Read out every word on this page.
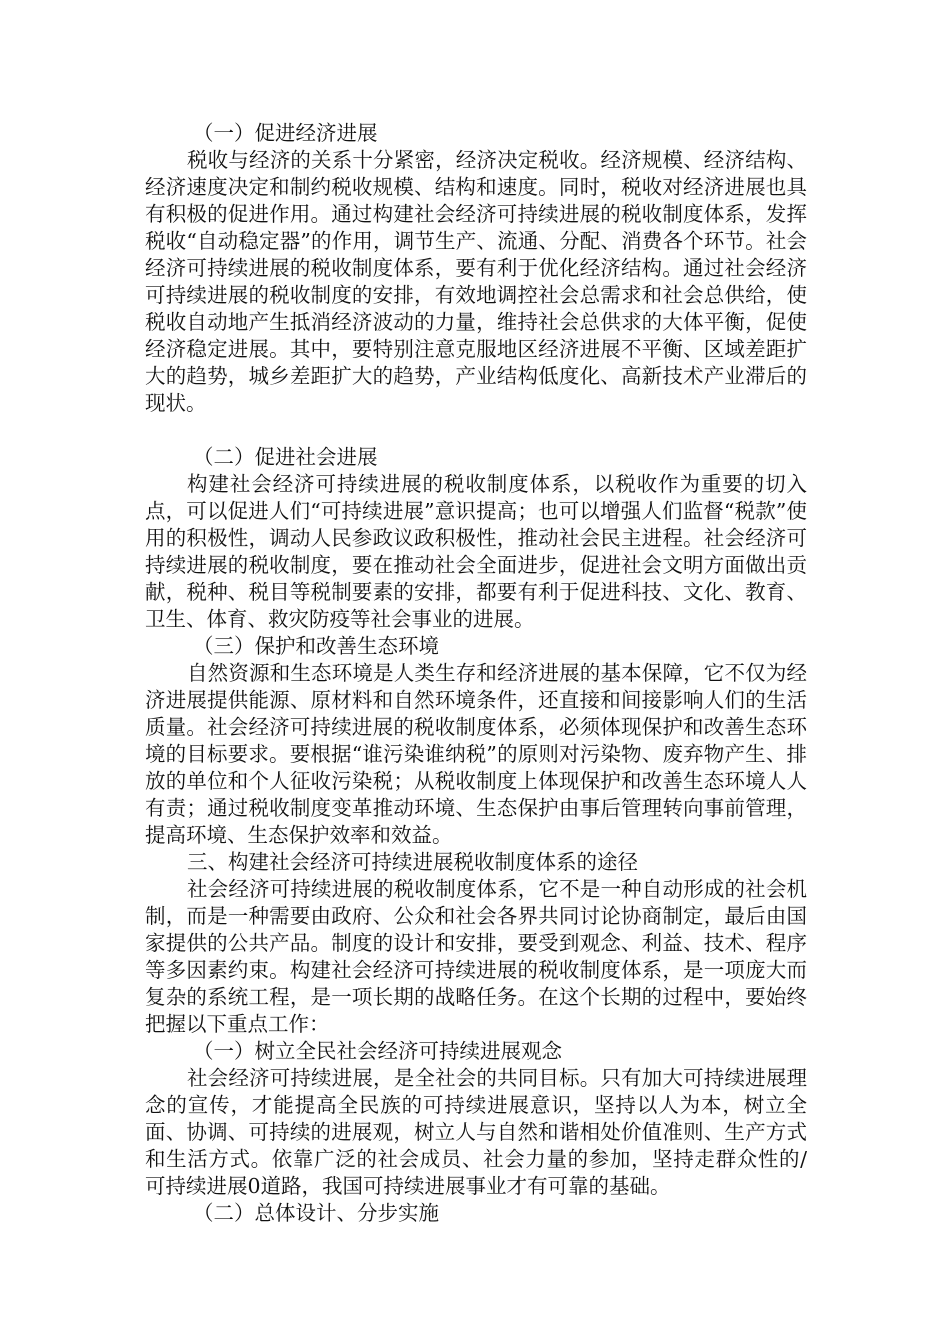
（一）促进经济进展

税收与经济的关系十分紧密，经济决定税收。经济规模、经济结构、经济速度决定和制约税收规模、结构和速度。同时，税收对经济进展也具有积极的促进作用。通过构建社会经济可持续进展的税收制度体系，发挥税收“自动稳定器”的作用，调节生产、流通、分配、消费各个环节。社会经济可持续进展的税收制度体系，要有利于优化经济结构。通过社会经济可持续进展的税收制度的安排，有效地调控社会总需求和社会总供给，使税收自动地产生抵消经济波动的力量，维持社会总供求的大体平衡，促使经济稳定进展。其中，要特别注意克服地区经济进展不平衡、区域差距扩大的趋势，城乡差距扩大的趋势，产业结构低度化、高新技术产业滞后的现状。

（二）促进社会进展

构建社会经济可持续进展的税收制度体系，以税收作为重要的切入点，可以促进人们“可持续进展”意识提高；也可以增强人们监督“税款”使用的积极性，调动人民参政议政积极性，推动社会民主进程。社会经济可持续进展的税收制度，要在推动社会全面进步，促进社会文明方面做出贡献，税种、税目等税制要素的安排，都要有利于促进科技、文化、教育、卫生、体育、救灾防疫等社会事业的进展。

（三）保护和改善生态环境

自然资源和生态环境是人类生存和经济进展的基本保障，它不仅为经济进展提供能源、原材料和自然环境条件，还直接和间接影响人们的生活质量。社会经济可持续进展的税收制度体系，必须体现保护和改善生态环境的目标要求。要根据“谁污染谁纳税”的原则对污染物、废弃物产生、排放的单位和个人征收污染税；从税收制度上体现保护和改善生态环境人人有责；通过税收制度变革推动环境、生态保护由事后管理转向事前管理，提高环境、生态保护效率和效益。

三、构建社会经济可持续进展税收制度体系的途径

社会经济可持续进展的税收制度体系，它不是一种自动形成的社会机制，而是一种需要由政府、公众和社会各界共同讨论协商制定，最后由国家提供的公共产品。制度的设计和安排，要受到观念、利益、技术、程序等多因素约束。构建社会经济可持续进展的税收制度体系，是一项庞大而复杂的系统工程，是一项长期的战略任务。在这个长期的过程中，要始终把握以下重点工作：

（一）树立全民社会经济可持续进展观念

社会经济可持续进展，是全社会的共同目标。只有加大可持续进展理念的宣传，才能提高全民族的可持续进展意识，坚持以人为本，树立全面、协调、可持续的进展观，树立人与自然和谐相处价值准则、生产方式和生活方式。依靠广泛的社会成员、社会力量的参加，坚持走群众性的/可持续进展0道路，我国可持续进展事业才有可靠的基础。

（二）总体设计、分步实施
